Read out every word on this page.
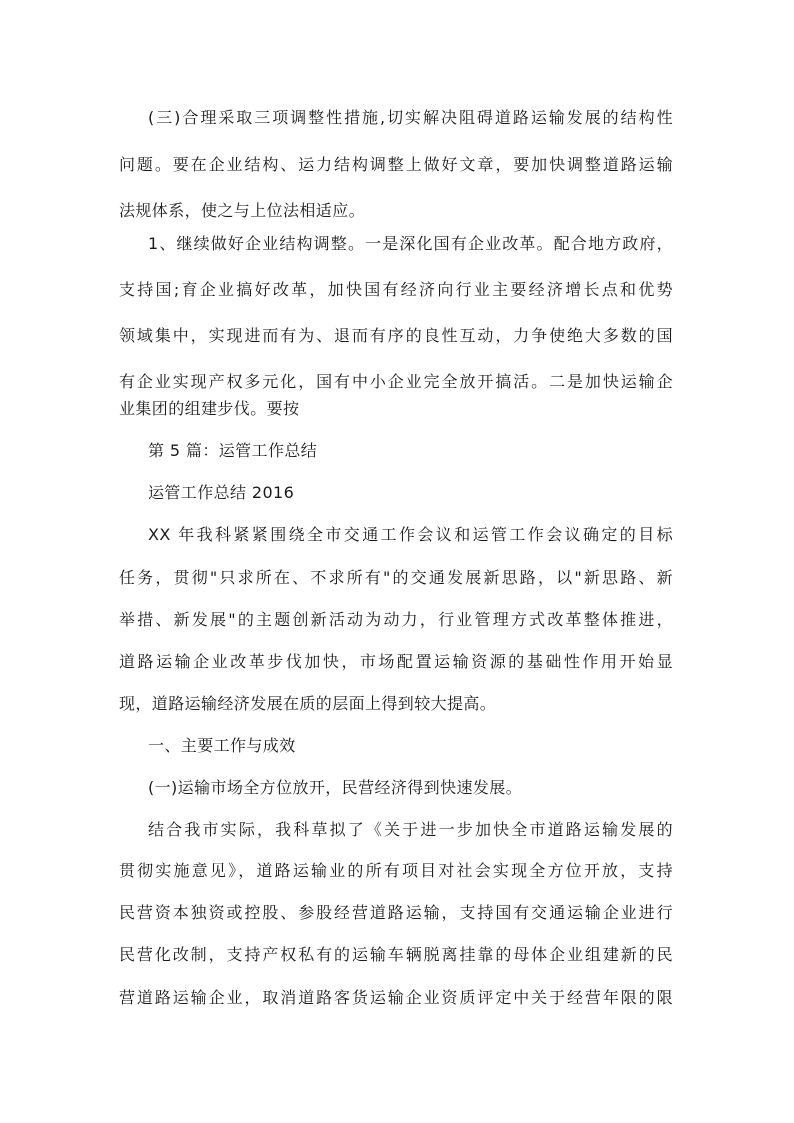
(三)合理采取三项调整性措施,切实解决阻碍道路运输发展的结构性
问题。要在企业结构、运力结构调整上做好文章，要加快调整道路运输
法规体系，使之与上位法相适应。
1、继续做好企业结构调整。一是深化国有企业改革。配合地方政府，
支持国;育企业搞好改革，加快国有经济向行业主要经济增长点和优势
领域集中，实现进而有为、退而有序的良性互动，力争使绝大多数的国
有企业实现产权多元化，国有中小企业完全放开搞活。二是加快运输企
业集团的组建步伐。要按
第 5 篇：运管工作总结
运管工作总结 2016
XX 年我科紧紧围绕全市交通工作会议和运管工作会议确定的目标
任务，贯彻"只求所在、不求所有"的交通发展新思路，以"新思路、新
举措、新发展"的主题创新活动为动力，行业管理方式改革整体推进，
道路运输企业改革步伐加快，市场配置运输资源的基础性作用开始显
现，道路运输经济发展在质的层面上得到较大提高。
一、主要工作与成效
(一)运输市场全方位放开，民营经济得到快速发展。
结合我市实际，我科草拟了《关于进一步加快全市道路运输发展的
贯彻实施意见》，道路运输业的所有项目对社会实现全方位开放，支持
民营资本独资或控股、参股经营道路运输，支持国有交通运输企业进行
民营化改制，支持产权私有的运输车辆脱离挂靠的母体企业组建新的民
营道路运输企业，取消道路客货运输企业资质评定中关于经营年限的限
